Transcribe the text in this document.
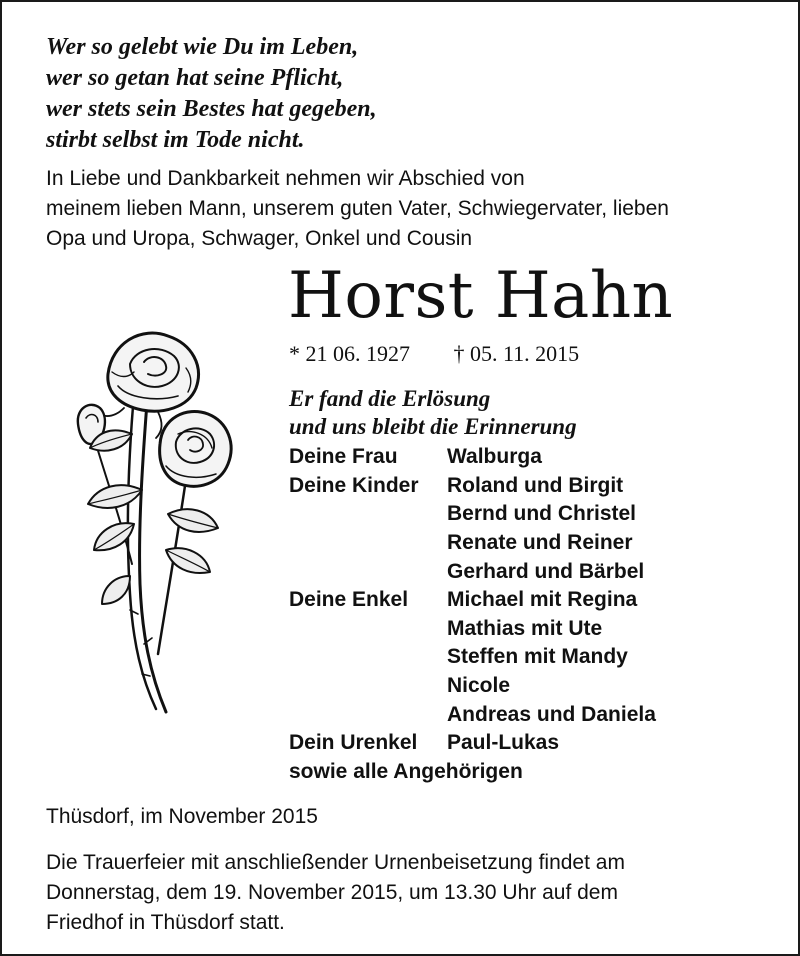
Wer so gelebt wie Du im Leben,
wer so getan hat seine Pflicht,
wer stets sein Bestes hat gegeben,
stirbt selbst im Tode nicht.
In Liebe und Dankbarkeit nehmen wir Abschied von
meinem lieben Mann, unserem guten Vater, Schwiegervater, lieben
Opa und Uropa, Schwager, Onkel und Cousin
Horst Hahn
* 21 06. 1927 † 05. 11. 2015
Er fand die Erlösung
und uns bleibt die Erinnerung
Deine Frau	Walburga
Deine Kinder	Roland und Birgit
Bernd und Christel
Renate und Reiner
Gerhard und Bärbel
Deine Enkel	Michael mit Regina
Mathias mit Ute
Steffen mit Mandy
Nicole
Andreas und Daniela
Dein Urenkel	Paul-Lukas
sowie alle Angehörigen
Thüsdorf, im November 2015
Die Trauerfeier mit anschließender Urnenbeisetzung findet am
Donnerstag, dem 19. November 2015, um 13.30 Uhr auf dem
Friedhof in Thüsdorf statt.
